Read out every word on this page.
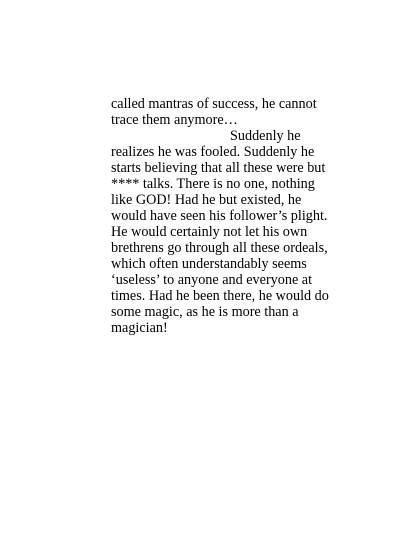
called mantras of success, he cannot
trace them anymore…
Suddenly he
realizes he was fooled. Suddenly he
starts believing that all these were but
**** talks. There is no one, nothing
like GOD! Had he but existed, he
would have seen his follower’s plight.
He would certainly not let his own
brethrens go through all these ordeals,
which often understandably seems
‘useless’ to anyone and everyone at
times. Had he been there, he would do
some magic, as he is more than a
magician!
